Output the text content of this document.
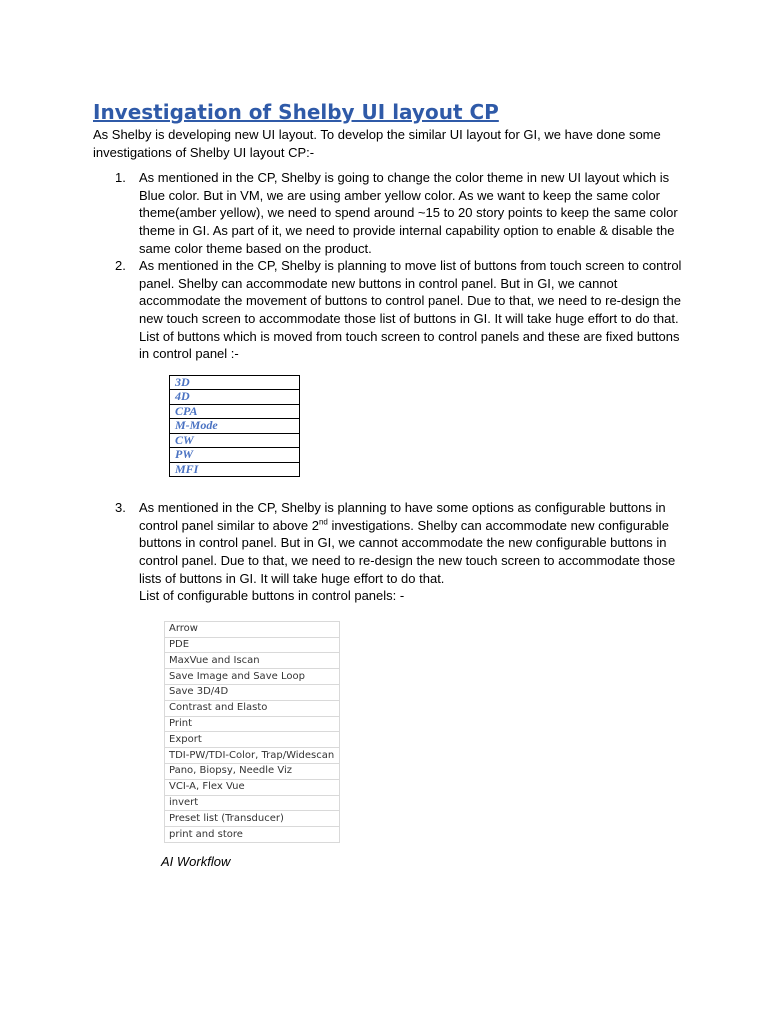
Investigation of Shelby UI layout CP

As Shelby is developing new UI layout. To develop the similar UI layout for GI, we have done some investigations of Shelby UI layout CP:-

1. As mentioned in the CP, Shelby is going to change the color theme in new UI layout which is Blue color. But in VM, we are using amber yellow color. As we want to keep the same color theme(amber yellow), we need to spend around ~15 to 20 story points to keep the same color theme in GI. As part of it, we need to provide internal capability option to enable & disable the same color theme based on the product.

2. As mentioned in the CP, Shelby is planning to move list of buttons from touch screen to control panel. Shelby can accommodate new buttons in control panel. But in GI, we cannot accommodate the movement of buttons to control panel. Due to that, we need to re-design the new touch screen to accommodate those list of buttons in GI. It will take huge effort to do that.

List of buttons which is moved from touch screen to control panels and these are fixed buttons in control panel :-

3D
4D
CPA
M-Mode
CW
PW
MFI
3. As mentioned in the CP, Shelby is planning to have some options as configurable buttons in control panel similar to above 2nd investigations. Shelby can accommodate new configurable buttons in control panel. But in GI, we cannot accommodate the new configurable buttons in control panel. Due to that, we need to re-design the new touch screen to accommodate those lists of buttons in GI. It will take huge effort to do that.

List of configurable buttons in control panels: -

Arrow
PDE
MaxVue and Iscan
Save Image and Save Loop
Save 3D/4D
Contrast and Elasto
Print
Export
TDI-PW/TDI-Color, Trap/Widescan
Pano, Biopsy, Needle Viz
VCI-A, Flex Vue
invert
Preset list (Transducer)
print and store
AI Workflow
